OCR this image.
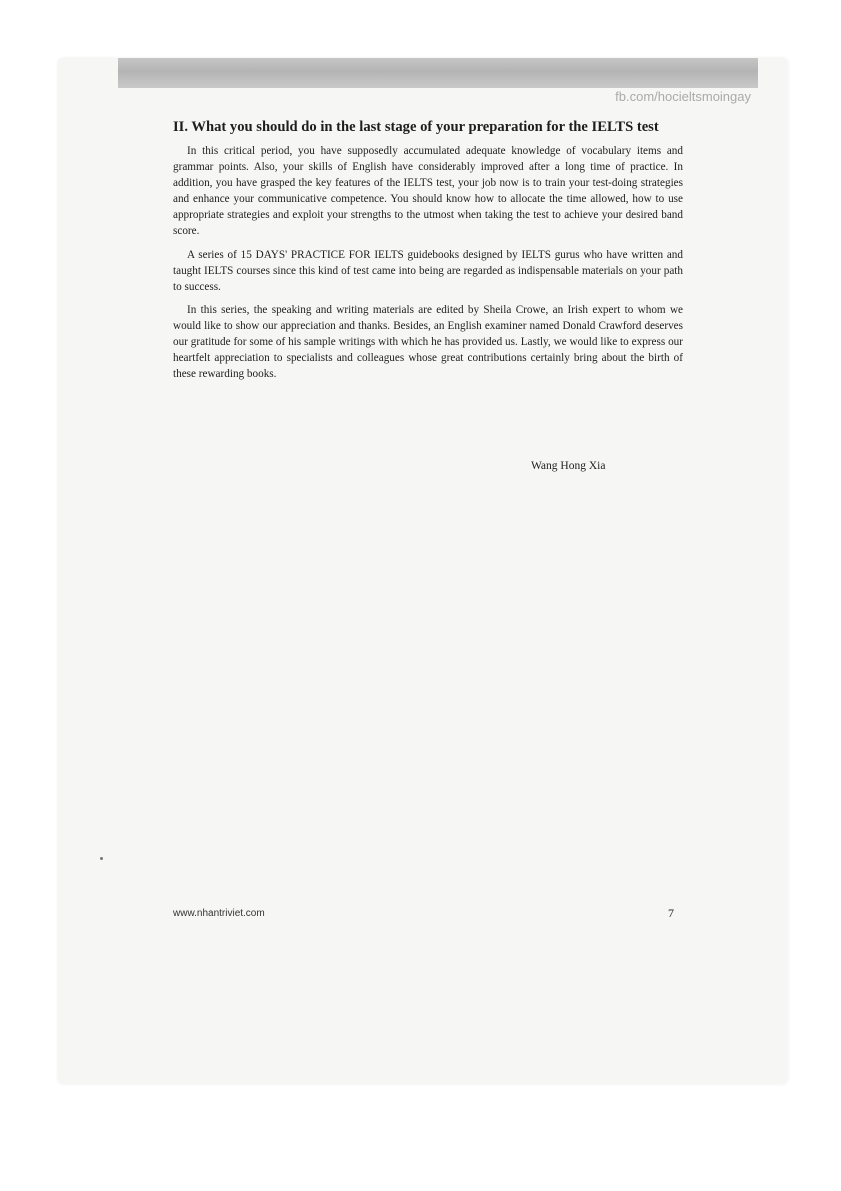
fb.com/hocieltsmoingay
II. What you should do in the last stage of your preparation for the IELTS test

In this critical period, you have supposedly accumulated adequate knowledge of vocabulary items and grammar points. Also, your skills of English have considerably improved after a long time of practice. In addition, you have grasped the key features of the IELTS test, your job now is to train your test-doing strategies and enhance your communicative competence. You should know how to allocate the time allowed, how to use appropriate strategies and exploit your strengths to the utmost when taking the test to achieve your desired band score.

A series of 15 DAYS' PRACTICE FOR IELTS guidebooks designed by IELTS gurus who have written and taught IELTS courses since this kind of test came into being are regarded as indispensable materials on your path to success.

In this series, the speaking and writing materials are edited by Sheila Crowe, an Irish expert to whom we would like to show our appreciation and thanks. Besides, an English examiner named Donald Crawford deserves our gratitude for some of his sample writings with which he has provided us. Lastly, we would like to express our heartfelt appreciation to specialists and colleagues whose great contributions certainly bring about the birth of these rewarding books.

Wang Hong Xia
www.nhantriviet.com	7
